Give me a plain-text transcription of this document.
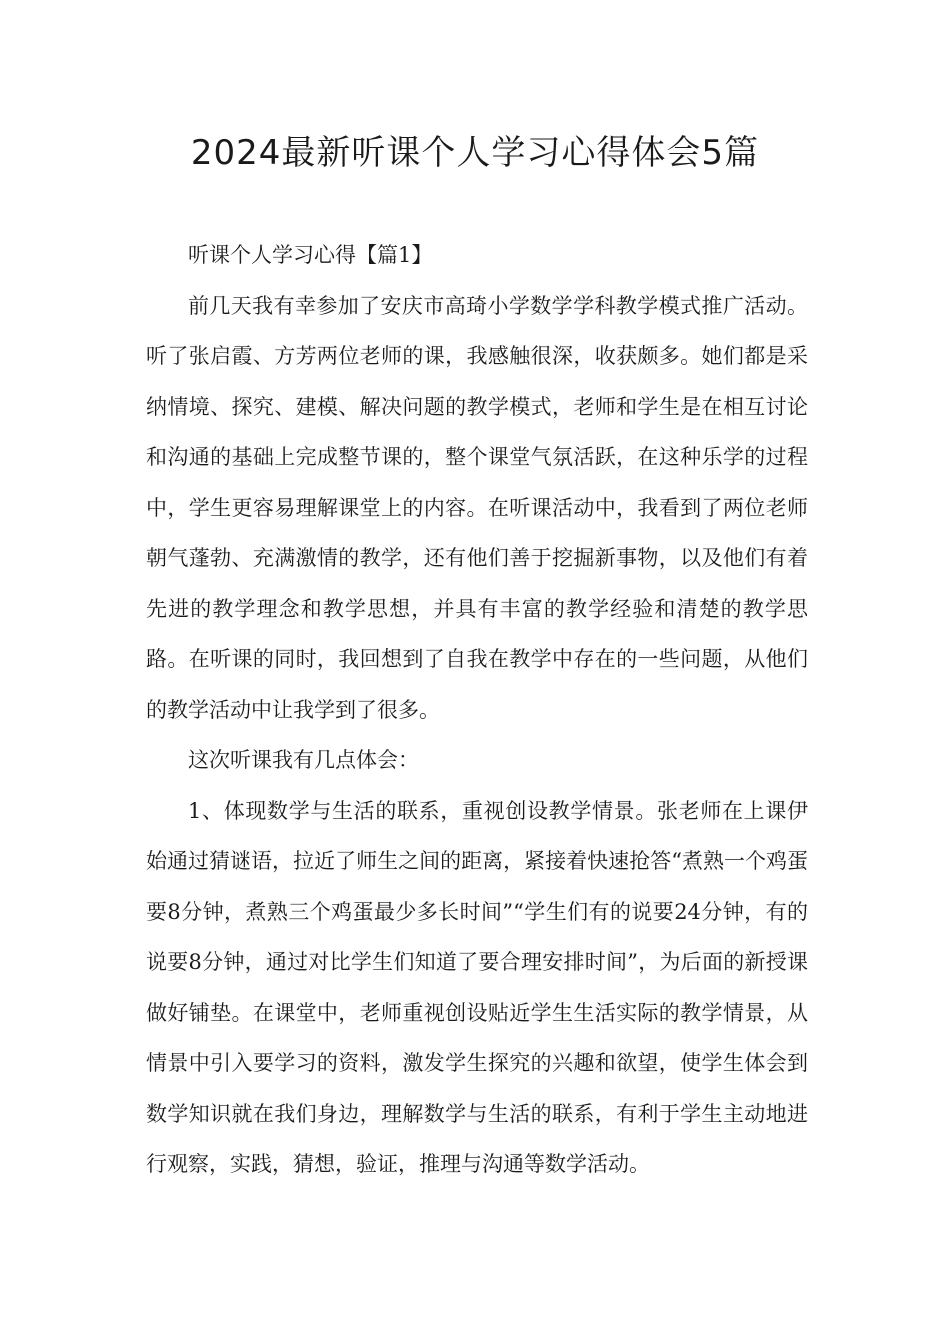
2024最新听课个人学习心得体会5篇

听课个人学习心得【篇1】

前几天我有幸参加了安庆市高琦小学数学学科教学模式推广活动。听了张启霞、方芳两位老师的课，我感触很深，收获颇多。她们都是采纳情境、探究、建模、解决问题的教学模式，老师和学生是在相互讨论和沟通的基础上完成整节课的，整个课堂气氛活跃，在这种乐学的过程中，学生更容易理解课堂上的内容。在听课活动中，我看到了两位老师朝气蓬勃、充满激情的教学，还有他们善于挖掘新事物，以及他们有着先进的教学理念和教学思想，并具有丰富的教学经验和清楚的教学思路。在听课的同时，我回想到了自我在教学中存在的一些问题，从他们的教学活动中让我学到了很多。

这次听课我有几点体会：

1、体现数学与生活的联系，重视创设教学情景。张老师在上课伊始通过猜谜语，拉近了师生之间的距离，紧接着快速抢答“煮熟一个鸡蛋要8分钟，煮熟三个鸡蛋最少多长时间”“学生们有的说要24分钟，有的说要8分钟，通过对比学生们知道了要合理安排时间”，为后面的新授课做好铺垫。在课堂中，老师重视创设贴近学生生活实际的教学情景，从情景中引入要学习的资料，激发学生探究的兴趣和欲望，使学生体会到数学知识就在我们身边，理解数学与生活的联系，有利于学生主动地进行观察，实践，猜想，验证，推理与沟通等数学活动。
